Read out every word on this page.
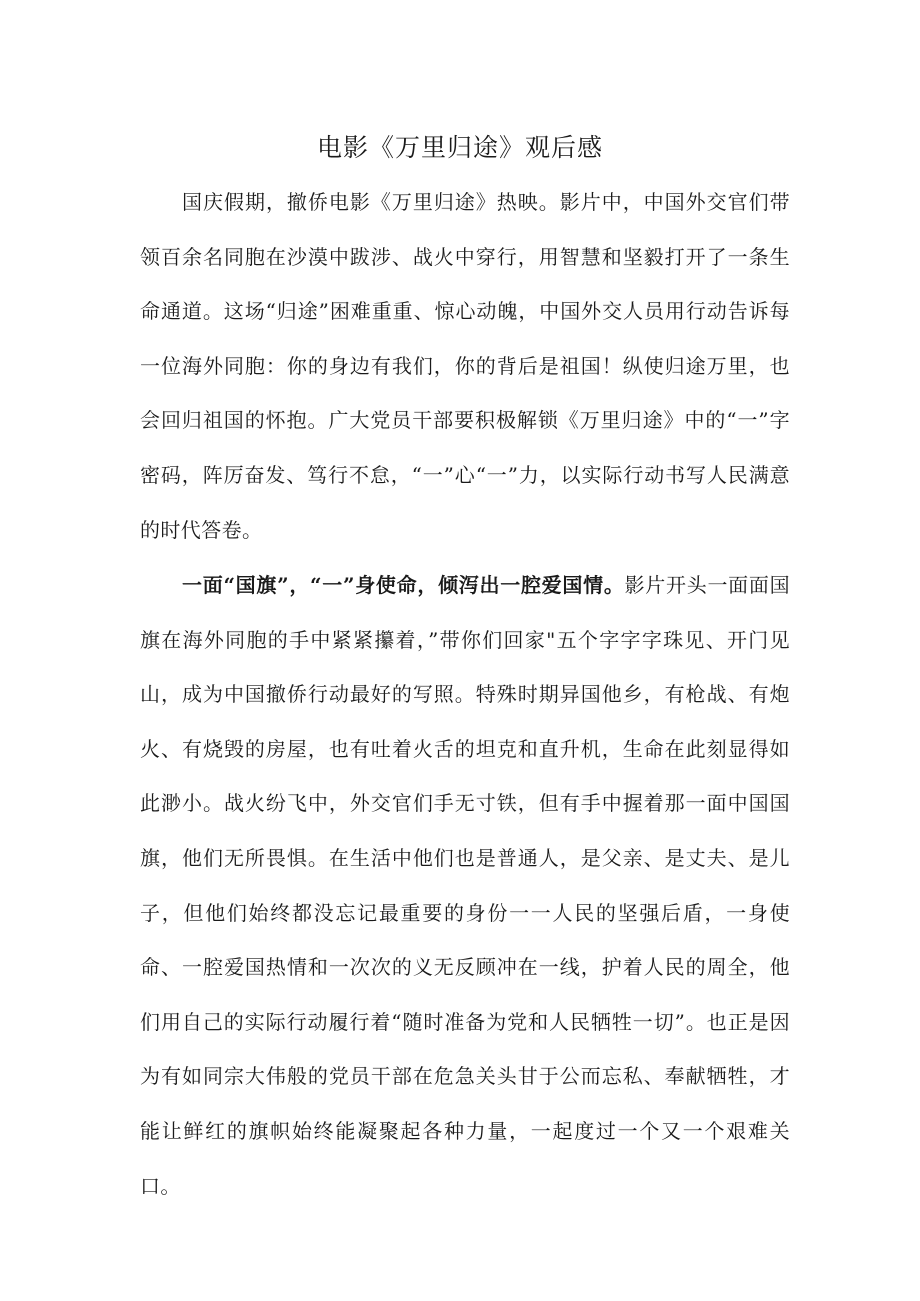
电影《万里归途》观后感

国庆假期，撤侨电影《万里归途》热映。影片中，中国外交官们带领百余名同胞在沙漠中跋涉、战火中穿行，用智慧和坚毅打开了一条生命通道。这场“归途”困难重重、惊心动魄，中国外交人员用行动告诉每一位海外同胞：你的身边有我们，你的背后是祖国！纵使归途万里，也会回归祖国的怀抱。广大党员干部要积极解锁《万里归途》中的“一”字密码，阵厉奋发、笃行不怠，“一”心“一”力，以实际行动书写人民满意的时代答卷。

一面“国旗”，“一”身使命，倾泻出一腔爱国情。影片开头一面面国旗在海外同胞的手中紧紧攥着，”带你们回家"五个字字字珠见、开门见山，成为中国撤侨行动最好的写照。特殊时期异国他乡，有枪战、有炮火、有烧毁的房屋，也有吐着火舌的坦克和直升机，生命在此刻显得如此渺小。战火纷飞中，外交官们手无寸铁，但有手中握着那一面中国国旗，他们无所畏惧。在生活中他们也是普通人，是父亲、是丈夫、是儿子，但他们始终都没忘记最重要的身份一一人民的坚强后盾，一身使命、一腔爱国热情和一次次的义无反顾冲在一线，护着人民的周全，他们用自己的实际行动履行着“随时准备为党和人民牺牲一切”。也正是因为有如同宗大伟般的党员干部在危急关头甘于公而忘私、奉献牺牲，才能让鲜红的旗帜始终能凝聚起各种力量，一起度过一个又一个艰难关口。
